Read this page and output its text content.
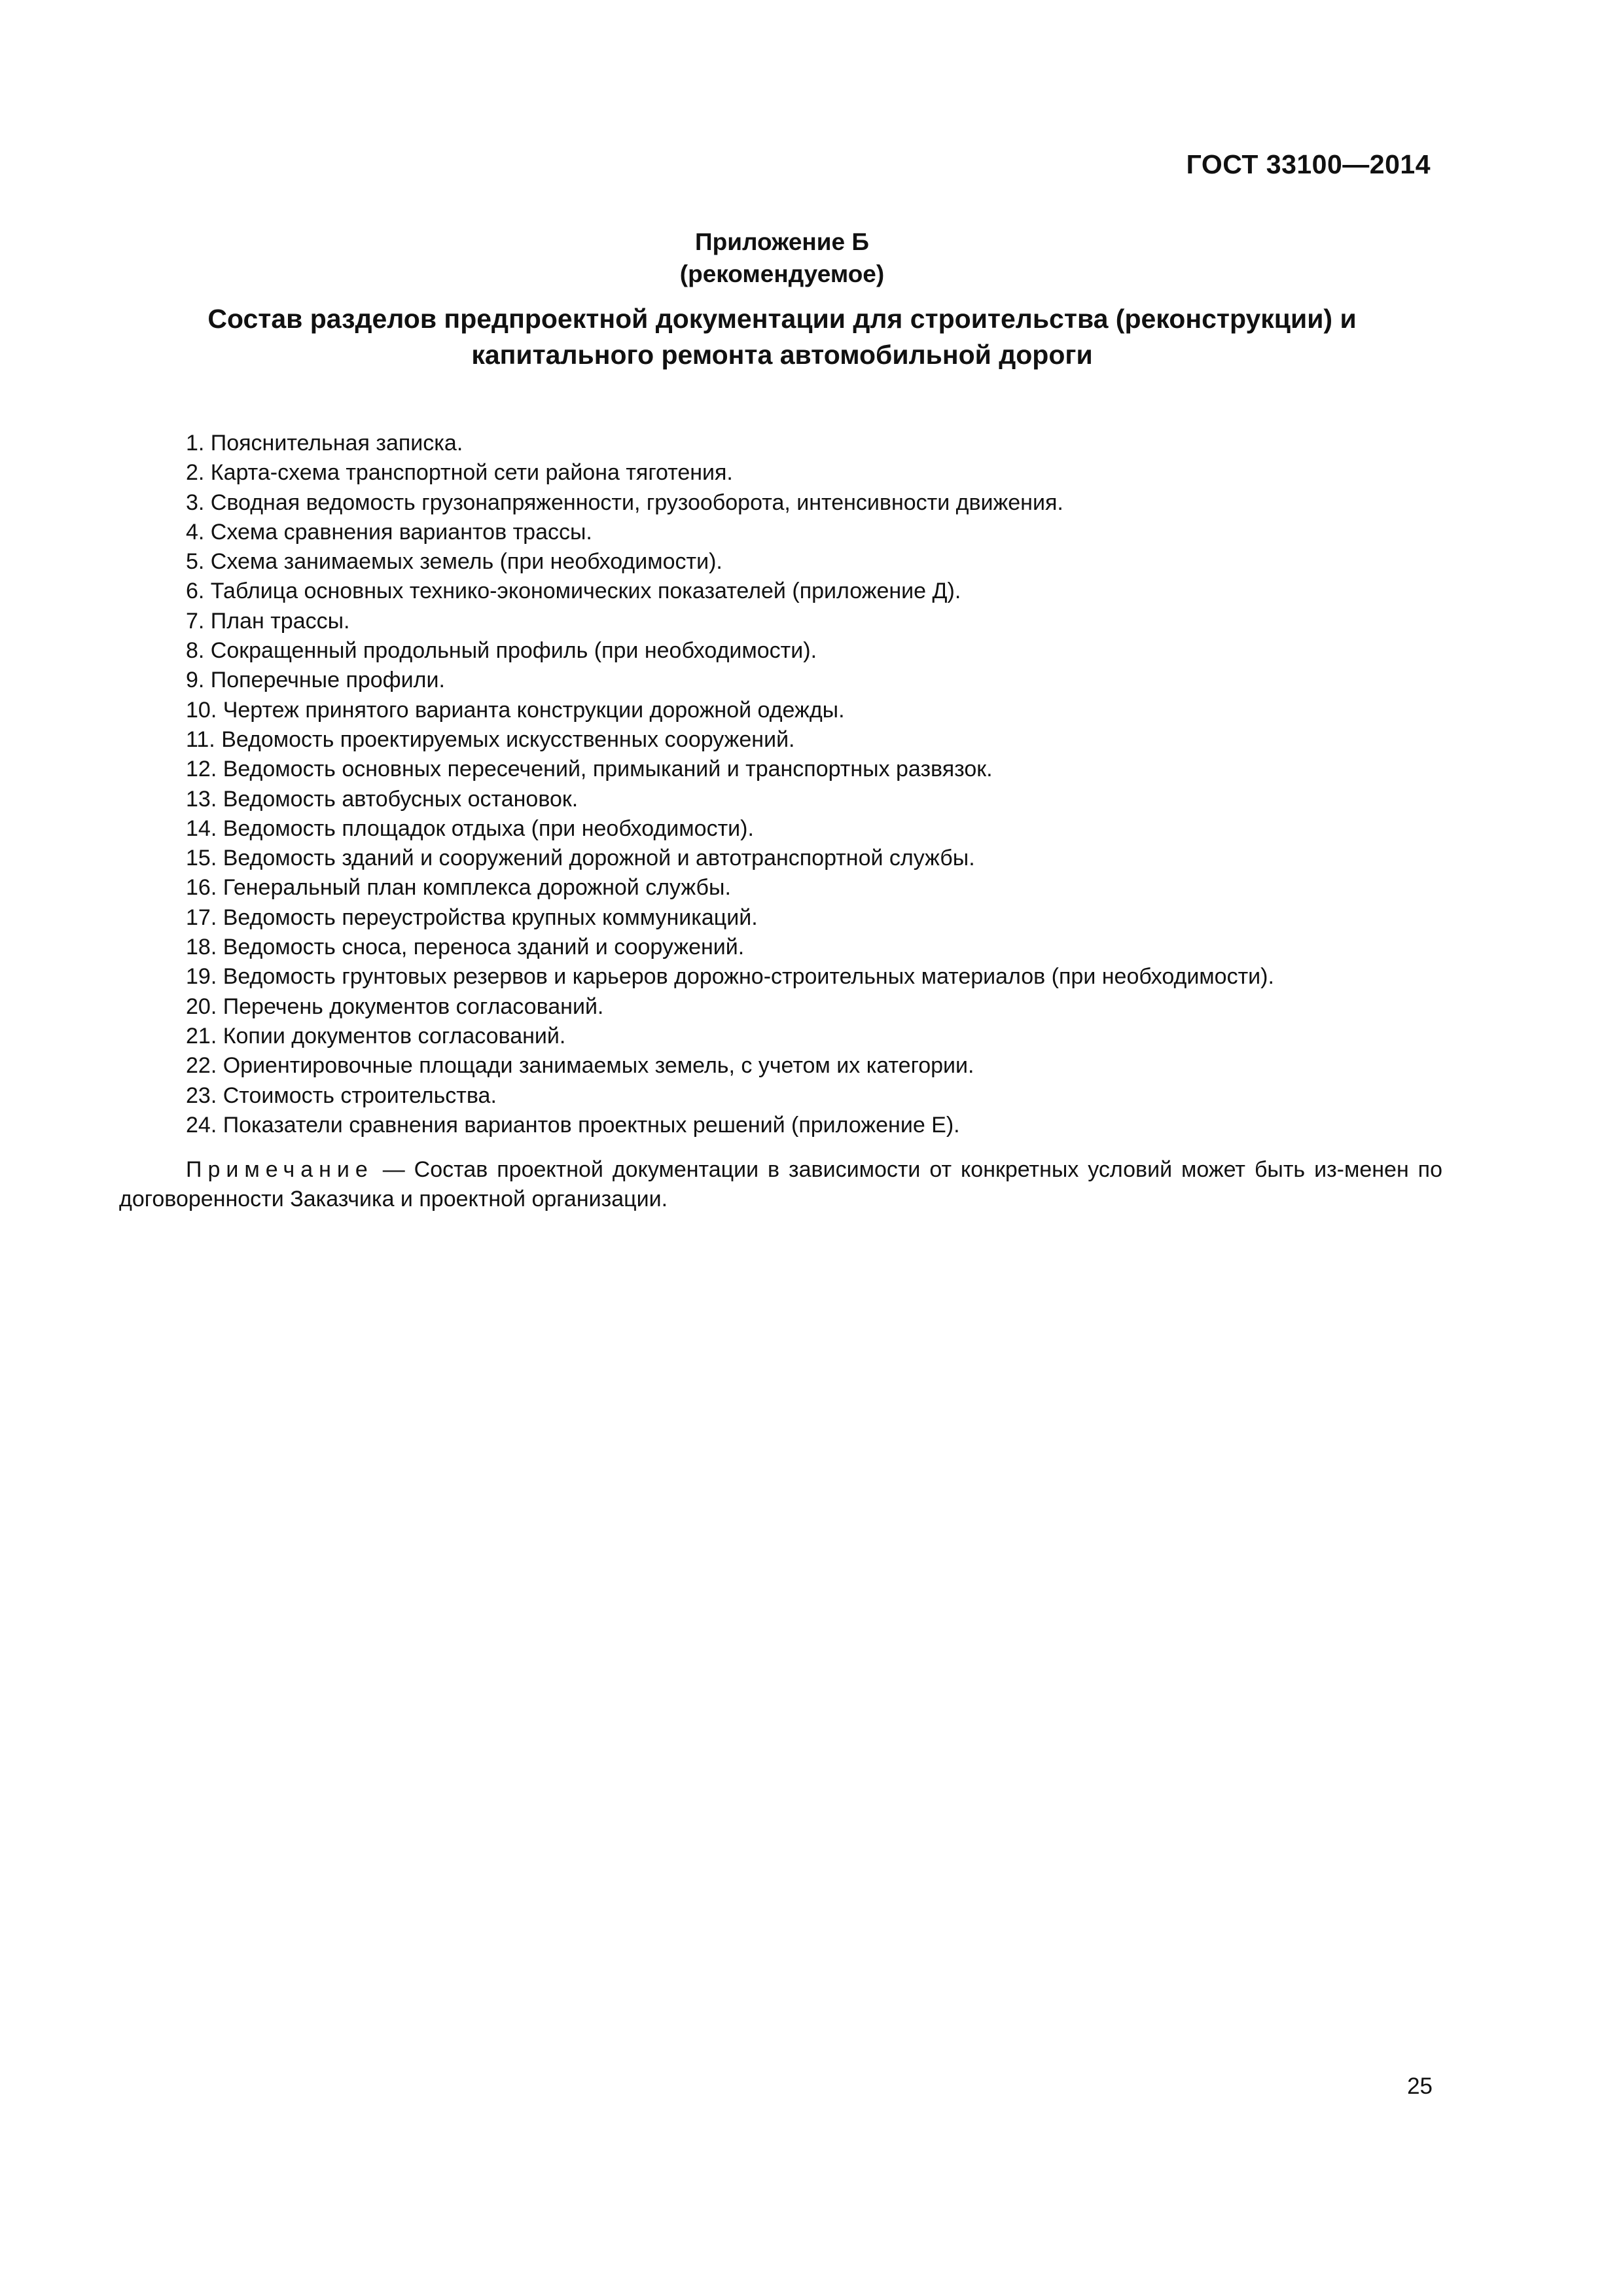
ГОСТ 33100—2014
Приложение Б
(рекомендуемое)
Состав разделов предпроектной документации для строительства (реконструкции) и
капитального ремонта автомобильной дороги
1. Пояснительная записка.
2. Карта-схема транспортной сети района тяготения.
3. Сводная ведомость грузонапряженности, грузооборота, интенсивности движения.
4. Схема сравнения вариантов трассы.
5. Схема занимаемых земель (при необходимости).
6. Таблица основных технико-экономических показателей (приложение Д).
7. План трассы.
8. Сокращенный продольный профиль (при необходимости).
9. Поперечные профили.
10. Чертеж принятого варианта конструкции дорожной одежды.
11. Ведомость проектируемых искусственных сооружений.
12. Ведомость основных пересечений, примыканий и транспортных развязок.
13. Ведомость автобусных остановок.
14. Ведомость площадок отдыха (при необходимости).
15. Ведомость зданий и сооружений дорожной и автотранспортной службы.
16. Генеральный план комплекса дорожной службы.
17. Ведомость переустройства крупных коммуникаций.
18. Ведомость сноса, переноса зданий и сооружений.
19. Ведомость грунтовых резервов и карьеров дорожно-строительных материалов (при необходимости).
20. Перечень документов согласований.
21. Копии документов согласований.
22. Ориентировочные площади занимаемых земель, с учетом их категории.
23. Стоимость строительства.
24. Показатели сравнения вариантов проектных решений (приложение Е).
Примечание — Состав проектной документации в зависимости от конкретных условий может быть из-менен по договоренности Заказчика и проектной организации.
25
